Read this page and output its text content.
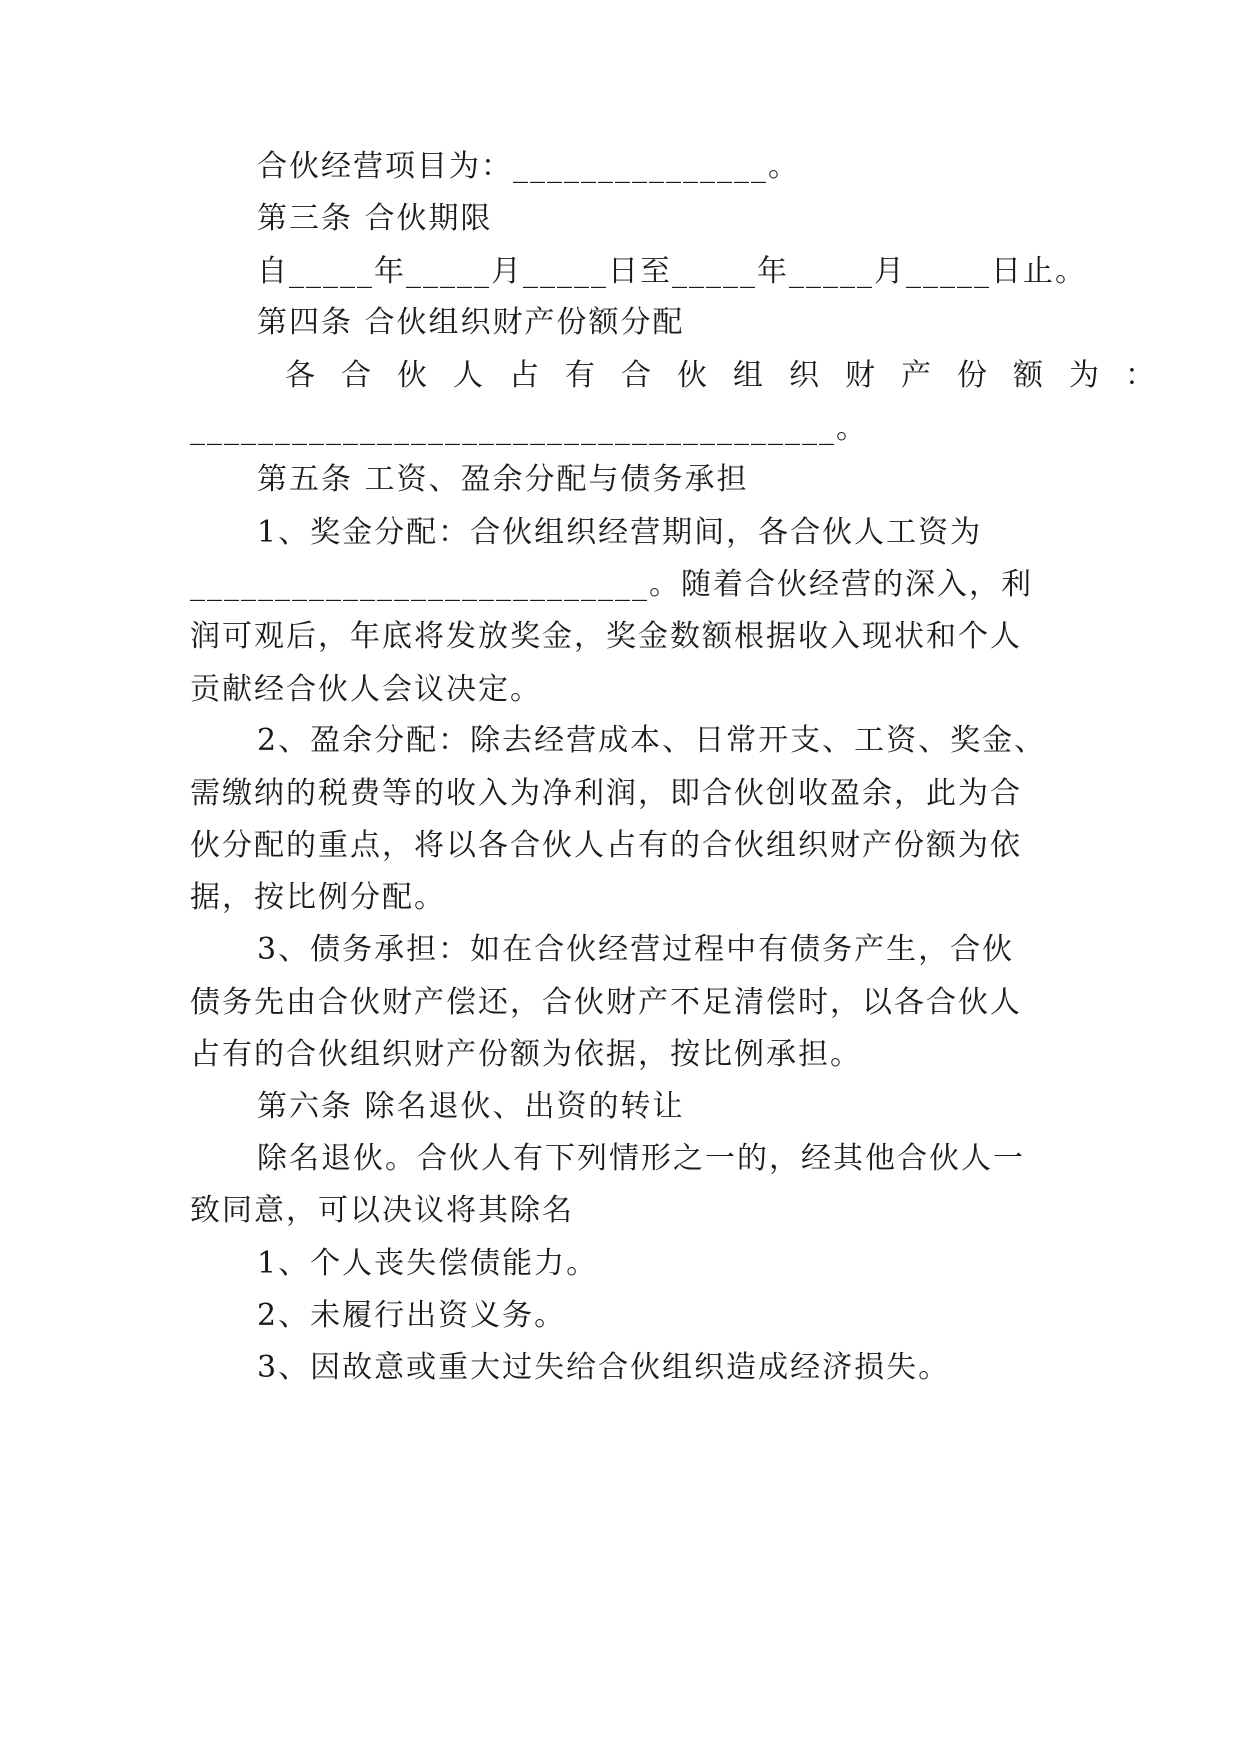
合伙经营项目为：_______________。
第三条 合伙期限
自_____年_____月_____日至_____年_____月_____日止。
第四条 合伙组织财产份额分配
各合伙人占有合伙组织财产份额为：
______________________________________。
第五条 工资、盈余分配与债务承担
1、奖金分配：合伙组织经营期间，各合伙人工资为
___________________________。随着合伙经营的深入，利
润可观后，年底将发放奖金，奖金数额根据收入现状和个人
贡献经合伙人会议决定。
2、盈余分配：除去经营成本、日常开支、工资、奖金、
需缴纳的税费等的收入为净利润，即合伙创收盈余，此为合
伙分配的重点，将以各合伙人占有的合伙组织财产份额为依
据，按比例分配。
3、债务承担：如在合伙经营过程中有债务产生，合伙
债务先由合伙财产偿还，合伙财产不足清偿时，以各合伙人
占有的合伙组织财产份额为依据，按比例承担。
第六条 除名退伙、出资的转让
除名退伙。合伙人有下列情形之一的，经其他合伙人一
致同意，可以决议将其除名
1、个人丧失偿债能力。
2、未履行出资义务。
3、因故意或重大过失给合伙组织造成经济损失。
